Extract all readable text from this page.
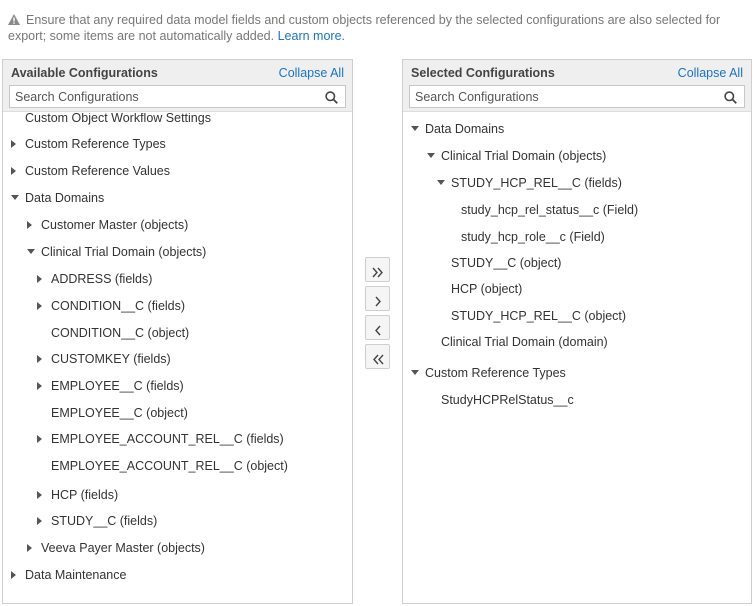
Ensure that any required data model fields and custom objects referenced by the selected configurations are also selected for export; some items are not automatically added. Learn more.
Available Configurations	Collapse All
Search Configurations
Custom Object Workflow Settings
Custom Reference Types
Custom Reference Values
Data Domains
Customer Master (objects)
Clinical Trial Domain (objects)
ADDRESS (fields)
CONDITION__C (fields)
CONDITION__C (object)
CUSTOMKEY (fields)
EMPLOYEE__C (fields)
EMPLOYEE__C (object)
EMPLOYEE_ACCOUNT_REL__C (fields)
EMPLOYEE_ACCOUNT_REL__C (object)
HCP (fields)
STUDY__C (fields)
Veeva Payer Master (objects)
Data Maintenance
Selected Configurations	Collapse All
Search Configurations
Data Domains
Clinical Trial Domain (objects)
STUDY_HCP_REL__C (fields)
study_hcp_rel_status__c (Field)
study_hcp_role__c (Field)
STUDY__C (object)
HCP (object)
STUDY_HCP_REL__C (object)
Clinical Trial Domain (domain)
Custom Reference Types
StudyHCPRelStatus__c
